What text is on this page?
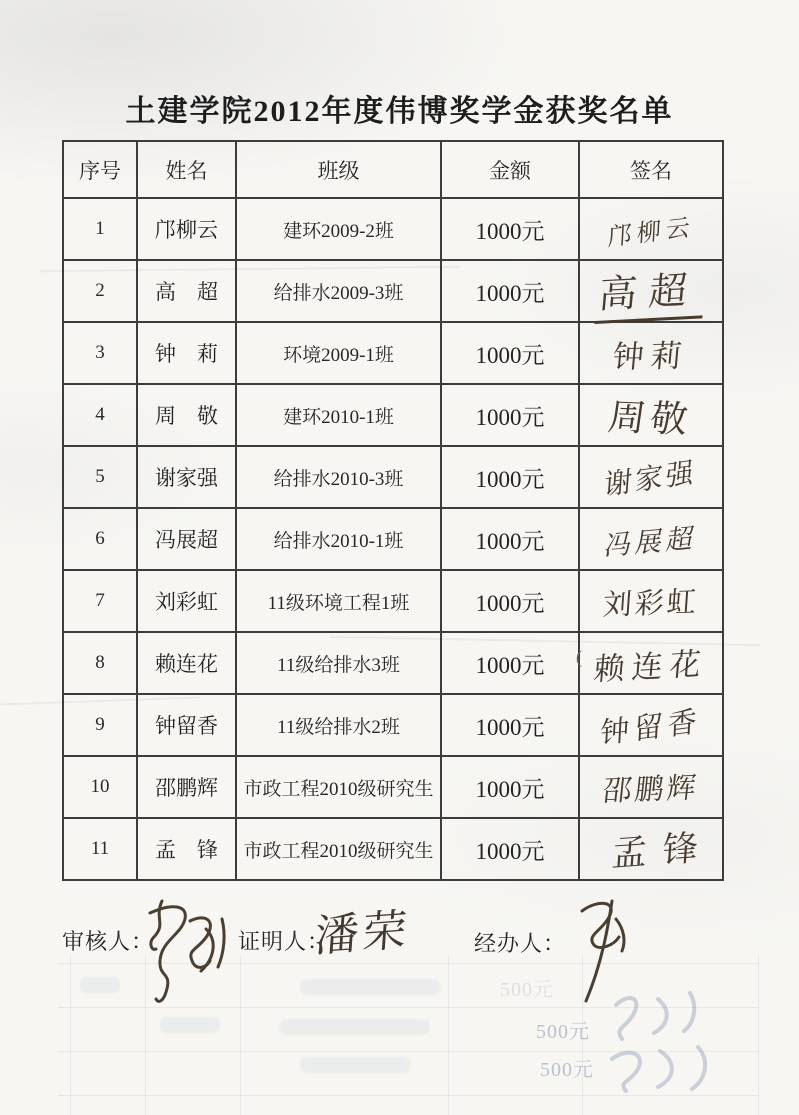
土建学院2012年度伟博奖学金获奖名单
序号	姓名	班级	金额	签名
1	邝柳云	建环2009-2班	1000元	邝柳云
2	高　超	给排水2009-3班	1000元	高超
3	钟　莉	环境2009-1班	1000元	钟莉
4	周　敬	建环2010-1班	1000元	周敬
5	谢家强	给排水2010-3班	1000元	谢家强
6	冯展超	给排水2010-1班	1000元	冯展超
7	刘彩虹	11级环境工程1班	1000元	刘彩虹
8	赖连花	11级给排水3班	1000元 (	赖连花
9	钟留香	11级给排水2班	1000元	钟留香
10	邵鹏辉	市政工程2010级研究生	1000元	邵鹏辉
11	孟　锋	市政工程2010级研究生	1000元	孟锋
审核人：	证明人：
潘荣	经办人：
500元
500元
500元
